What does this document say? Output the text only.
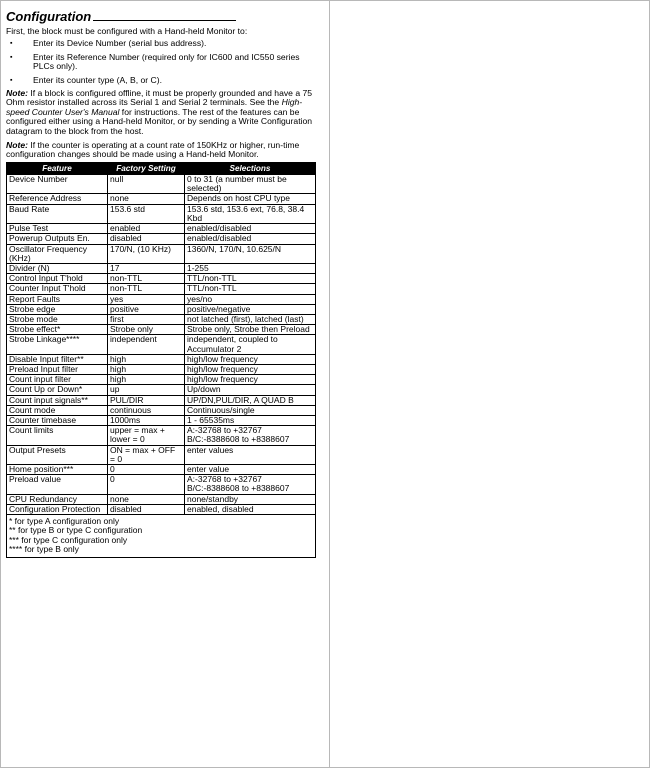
Configuration

First, the block must be configured with a Hand-held Monitor to:

▪ Enter its Device Number (serial bus address).
▪ Enter its Reference Number (required only for IC600 and IC550 series PLCs only).
▪ Enter its counter type (A, B, or C).

Note: If a block is configured offline, it must be properly grounded and have a 75 Ohm resistor installed across its Serial 1 and Serial 2 terminals. See the High-speed Counter User's Manual for instructions. The rest of the features can be configured either using a Hand-held Monitor, or by sending a Write Configuration datagram to the block from the host.

Note: If the counter is operating at a count rate of 150KHz or higher, run-time configuration changes should be made using a Hand-held Monitor.

Feature	Factory Setting	Selections
Device Number	null	0 to 31 (a number must be selected)
Reference Address	none	Depends on host CPU type
Baud Rate	153.6 std	153.6 std, 153.6 ext, 76.8, 38.4 Kbd
Pulse Test	enabled	enabled/disabled
Powerup Outputs En.	disabled	enabled/disabled
Oscillator Frequency (KHz)	170/N, (10 KHz)	1360/N, 170/N, 10.625/N
Divider (N)	17	1-255
Control Input T'hold	non-TTL	TTL/non-TTL
Counter Input T'hold	non-TTL	TTL/non-TTL
Report Faults	yes	yes/no
Strobe edge	positive	positive/negative
Strobe mode	first	not latched (first), latched (last)
Strobe effect*	Strobe only	Strobe only, Strobe then Preload
Strobe Linkage****	independent	independent, coupled to Accumulator 2
Disable Input filter**	high	high/low frequency
Preload Input filter	high	high/low frequency
Count input filter	high	high/low frequency
Count Up or Down*	up	Up/down
Count input signals**	PUL/DIR	UP/DN,PUL/DIR, A QUAD B
Count mode	continuous	Continuous/single
Counter timebase	1000ms	1 - 65535ms
Count limits	upper = max + lower = 0	A:-32768 to +32767 B/C:-8388608 to +8388607
Output Presets	ON = max + OFF = 0	enter values
Home position***	0	enter value
Preload value	0	A:-32768 to +32767 B/C:-8388608 to +8388607
CPU Redundancy	none	none/standby
Configuration Protection	disabled	enabled, disabled

* for type A configuration only
** for type B or type C configuration
*** for type C configuration only
**** for type B only		
